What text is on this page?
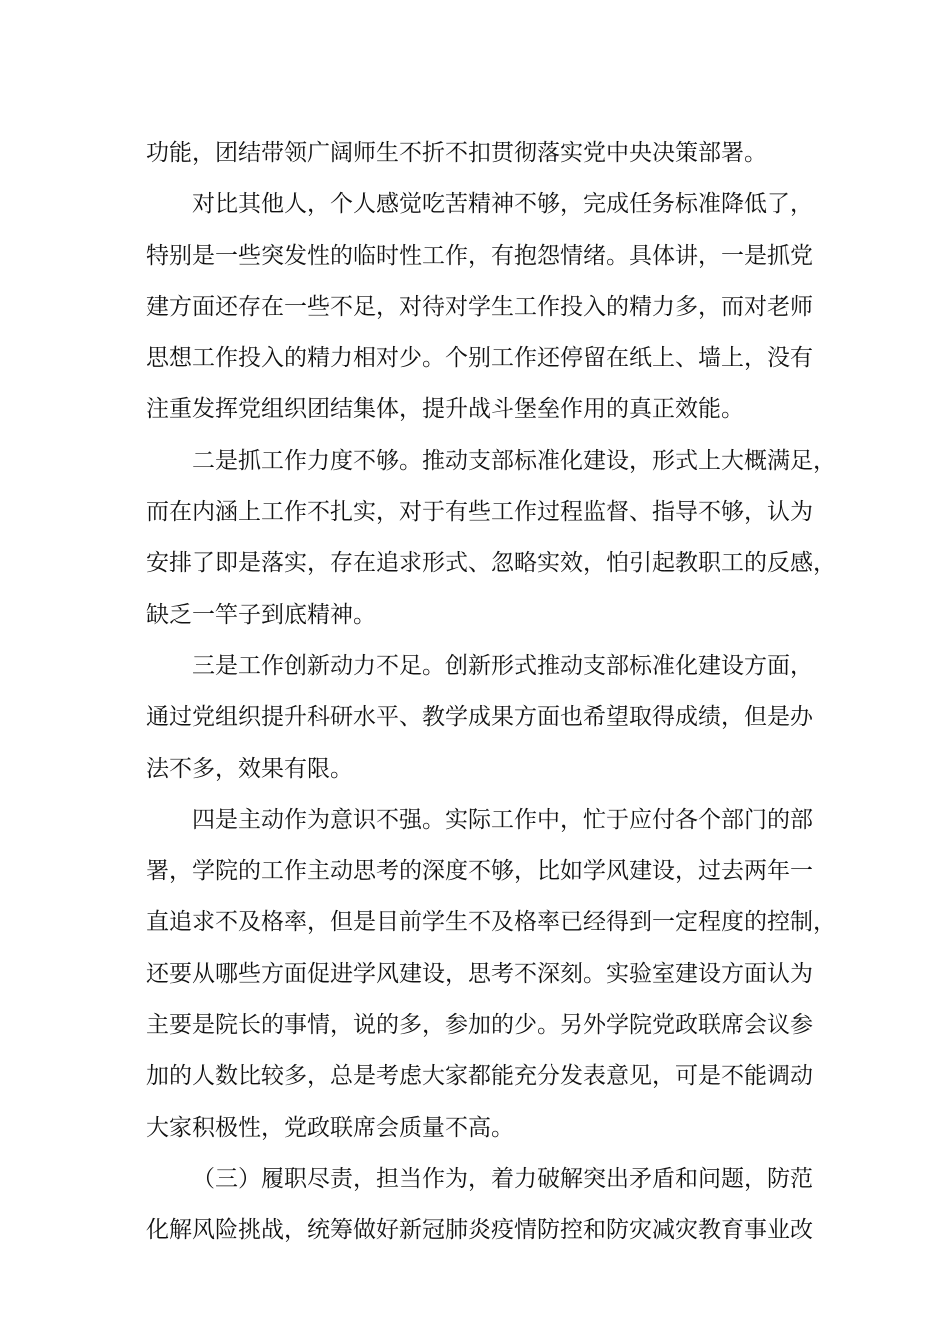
功能，团结带领广阔师生不折不扣贯彻落实党中央决策部署。

对比其他人，个人感觉吃苦精神不够，完成任务标准降低了，
特别是一些突发性的临时性工作，有抱怨情绪。具体讲，一是抓党
建方面还存在一些不足，对待对学生工作投入的精力多，而对老师
思想工作投入的精力相对少。个别工作还停留在纸上、墙上，没有
注重发挥党组织团结集体，提升战斗堡垒作用的真正效能。

二是抓工作力度不够。推动支部标准化建设，形式上大概满足，
而在内涵上工作不扎实，对于有些工作过程监督、指导不够，认为
安排了即是落实，存在追求形式、忽略实效，怕引起教职工的反感，
缺乏一竿子到底精神。

三是工作创新动力不足。创新形式推动支部标准化建设方面，
通过党组织提升科研水平、教学成果方面也希望取得成绩，但是办
法不多，效果有限。

四是主动作为意识不强。实际工作中，忙于应付各个部门的部
署，学院的工作主动思考的深度不够，比如学风建设，过去两年一
直追求不及格率，但是目前学生不及格率已经得到一定程度的控制，
还要从哪些方面促进学风建设，思考不深刻。实验室建设方面认为
主要是院长的事情，说的多，参加的少。另外学院党政联席会议参
加的人数比较多，总是考虑大家都能充分发表意见，可是不能调动
大家积极性，党政联席会质量不高。

（三）履职尽责，担当作为，着力破解突出矛盾和问题，防范
化解风险挑战，统筹做好新冠肺炎疫情防控和防灾减灾教育事业改
